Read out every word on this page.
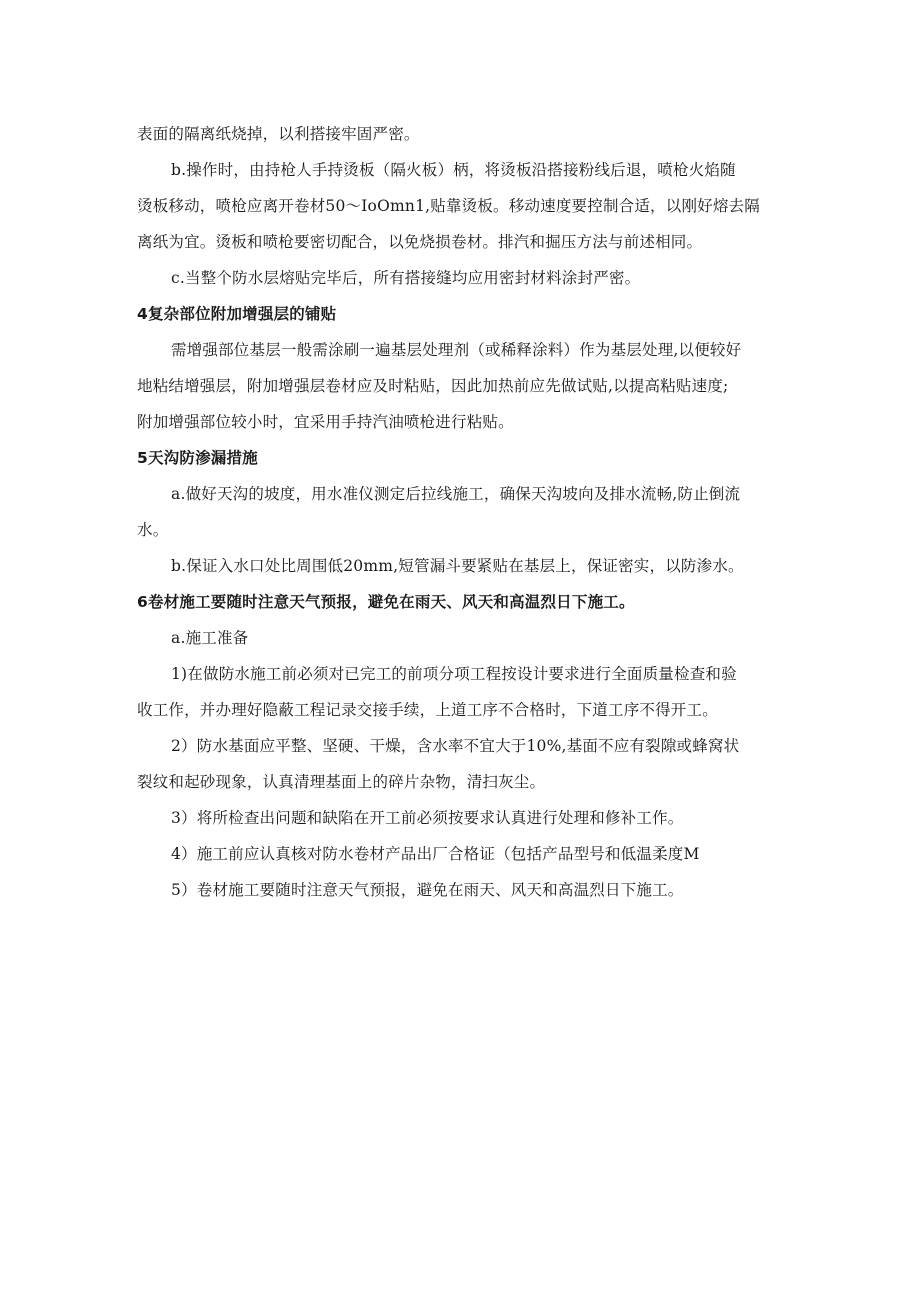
表面的隔离纸烧掉，以利搭接牢固严密。

b.操作时，由持枪人手持烫板（隔火板）柄，将烫板沿搭接粉线后退，喷枪火焰随

烫板移动，喷枪应离开卷材50～IoOmn1,贴靠烫板。移动速度要控制合适，以刚好熔去隔

离纸为宜。烫板和喷枪要密切配合，以免烧损卷材。排汽和掘压方法与前述相同。

c.当整个防水层熔贴完毕后，所有搭接缝均应用密封材料涂封严密。

4复杂部位附加增强层的铺贴

需增强部位基层一般需涂刷一遍基层处理剂（或稀释涂料）作为基层处理,以便较好

地粘结增强层，附加增强层卷材应及时粘贴，因此加热前应先做试贴,以提高粘贴速度;

附加增强部位较小时，宜采用手持汽油喷枪进行粘贴。

5天沟防渗漏措施

a.做好天沟的坡度，用水准仪测定后拉线施工，确保天沟坡向及排水流畅,防止倒流

水。

b.保证入水口处比周围低20mm,短管漏斗要紧贴在基层上，保证密实，以防渗水。

6卷材施工要随时注意天气预报，避免在雨天、风天和高温烈日下施工。

a.施工准备

1)在做防水施工前必须对已完工的前项分项工程按设计要求进行全面质量检查和验

收工作，并办理好隐蔽工程记录交接手续，上道工序不合格时，下道工序不得开工。

2）防水基面应平整、坚硬、干燥，含水率不宜大于10%,基面不应有裂隙或蜂窝状

裂纹和起砂现象，认真清理基面上的碎片杂物，清扫灰尘。

3）将所检查出问题和缺陷在开工前必须按要求认真进行处理和修补工作。

4）施工前应认真核对防水卷材产品出厂合格证（包括产品型号和低温柔度M

5）卷材施工要随时注意天气预报，避免在雨天、风天和高温烈日下施工。
